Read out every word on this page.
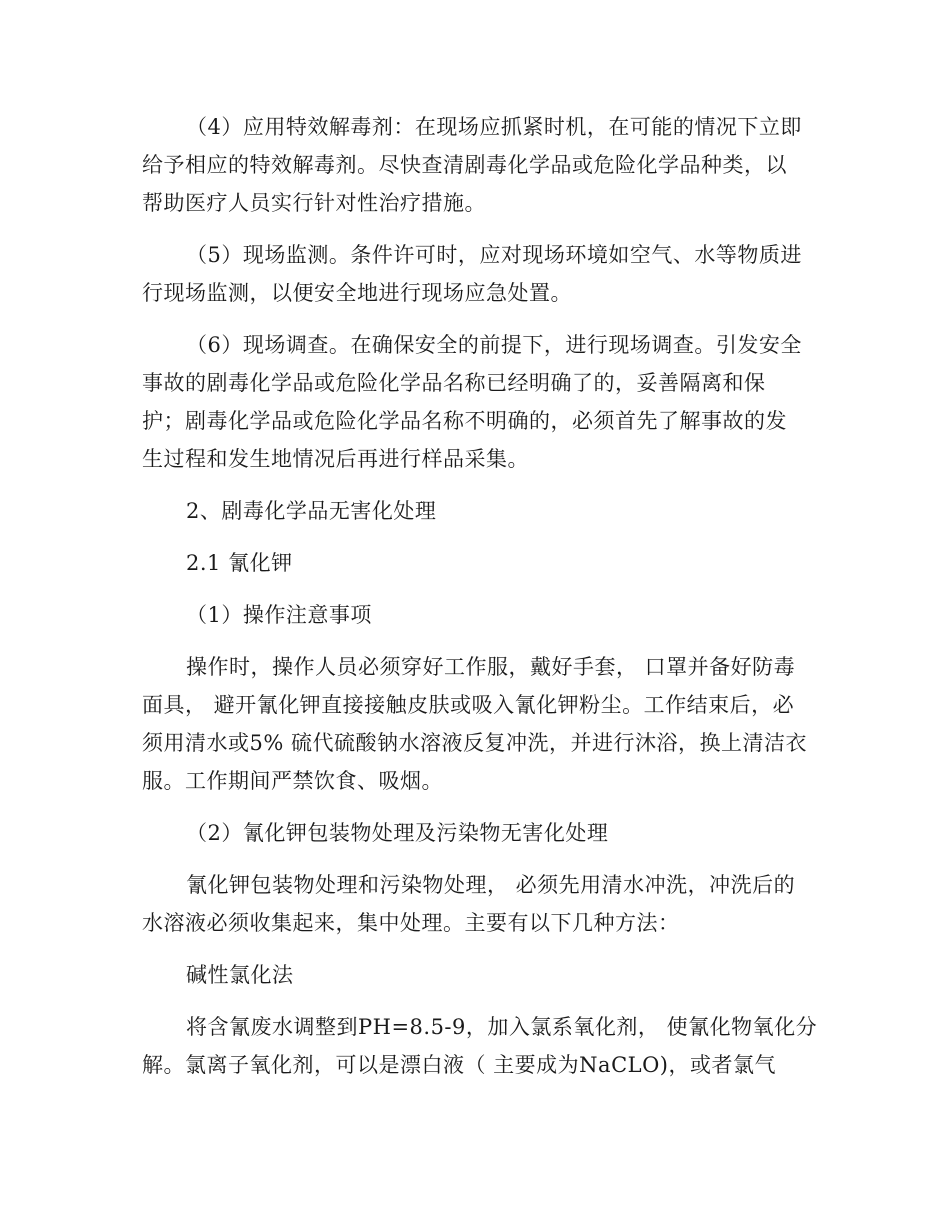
（4）应用特效解毒剂：在现场应抓紧时机，在可能的情况下立即
给予相应的特效解毒剂。尽快查清剧毒化学品或危险化学品种类，以
帮助医疗人员实行针对性治疗措施。

（5）现场监测。条件许可时，应对现场环境如空气、水等物质进
行现场监测，以便安全地进行现场应急处置。

（6）现场调查。在确保安全的前提下，进行现场调查。引发安全
事故的剧毒化学品或危险化学品名称已经明确了的，妥善隔离和保
护；剧毒化学品或危险化学品名称不明确的，必须首先了解事故的发
生过程和发生地情况后再进行样品采集。

2、剧毒化学品无害化处理

2.1 氰化钾

（1）操作注意事项

操作时，操作人员必须穿好工作服，戴好手套， 口罩并备好防毒
面具， 避开氰化钾直接接触皮肤或吸入氰化钾粉尘。工作结束后，必
须用清水或5% 硫代硫酸钠水溶液反复冲洗，并进行沐浴，换上清洁衣
服。工作期间严禁饮食、吸烟。

（2）氰化钾包装物处理及污染物无害化处理

氰化钾包装物处理和污染物处理， 必须先用清水冲洗，冲洗后的
水溶液必须收集起来，集中处理。主要有以下几种方法：

碱性氯化法

将含氰废水调整到PH=8.5-9，加入氯系氧化剂， 使氰化物氧化分
解。氯离子氧化剂，可以是漂白液（ 主要成为NaCLO)，或者氯气
